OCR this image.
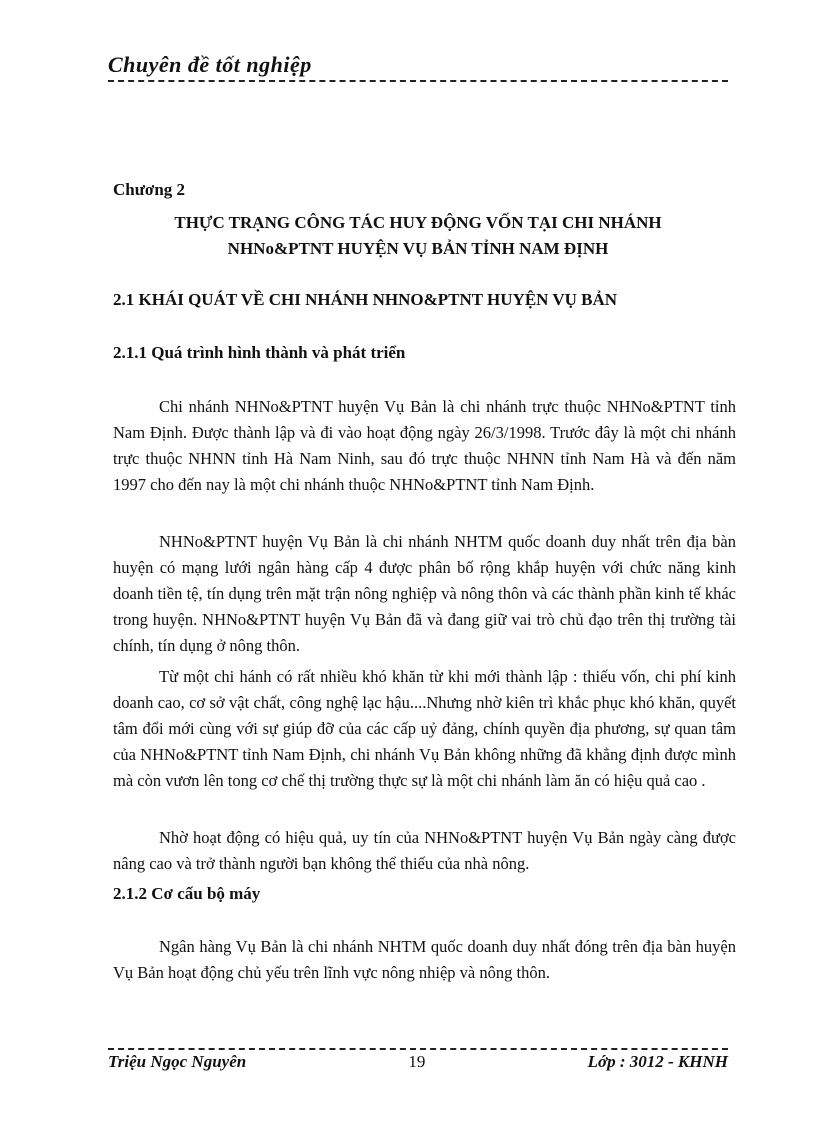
Chuyên đề tốt nghiệp
Chương 2
THỰC TRẠNG CÔNG TÁC HUY ĐỘNG VỐN TẠI CHI NHÁNH
NHNo&PTNT HUYỆN VỤ BẢN TỈNH NAM ĐỊNH
2.1 KHÁI QUÁT VỀ CHI NHÁNH NHNO&PTNT HUYỆN VỤ BẢN
2.1.1 Quá trình hình thành và phát triển

Chi nhánh NHNo&PTNT huyện Vụ Bản là chi nhánh trực thuộc NHNo&PTNT tỉnh Nam Định. Được thành lập và đi vào hoạt động ngày 26/3/1998. Trước đây là một chi nhánh trực thuộc NHNN tỉnh Hà Nam Ninh, sau đó trực thuộc NHNN tỉnh Nam Hà và đến năm 1997 cho đến nay là một chi nhánh thuộc NHNo&PTNT tỉnh Nam Định.

NHNo&PTNT huyện Vụ Bản là chi nhánh NHTM quốc doanh duy nhất trên địa bàn huyện có mạng lưới ngân hàng cấp 4 được phân bố rộng khắp huyện với chức năng kinh doanh tiền tệ, tín dụng trên mặt trận nông nghiệp và nông thôn và các thành phần kinh tế khác trong huyện. NHNo&PTNT huyện Vụ Bản đã và đang giữ vai trò chủ đạo trên thị trường tài chính, tín dụng ở nông thôn.

Từ một chi hánh có rất nhiều khó khăn từ khi mới thành lập : thiếu vốn, chi phí kinh doanh cao, cơ sở vật chất, công nghệ lạc hậu....Nhưng nhờ kiên trì khắc phục khó khăn, quyết tâm đổi mới cùng với sự giúp đỡ của các cấp uỷ đảng, chính quyền địa phương, sự quan tâm của NHNo&PTNT tỉnh Nam Định, chi nhánh Vụ Bản không những đã khẳng định được mình mà còn vươn lên tong cơ chế thị trường thực sự là một chi nhánh làm ăn có hiệu quả cao .

Nhờ hoạt động có hiệu quả, uy tín của NHNo&PTNT huyện Vụ Bản ngày càng được nâng cao và trở thành người bạn không thể thiếu của nhà nông.

2.1.2 Cơ cấu bộ máy

Ngân hàng Vụ Bản là chi nhánh NHTM quốc doanh duy nhất đóng trên địa bàn huyện Vụ Bản hoạt động chủ yếu trên lĩnh vực nông nhiệp và nông thôn.

Triệu Ngọc Nguyên	19	Lớp : 3012 - KHNH
